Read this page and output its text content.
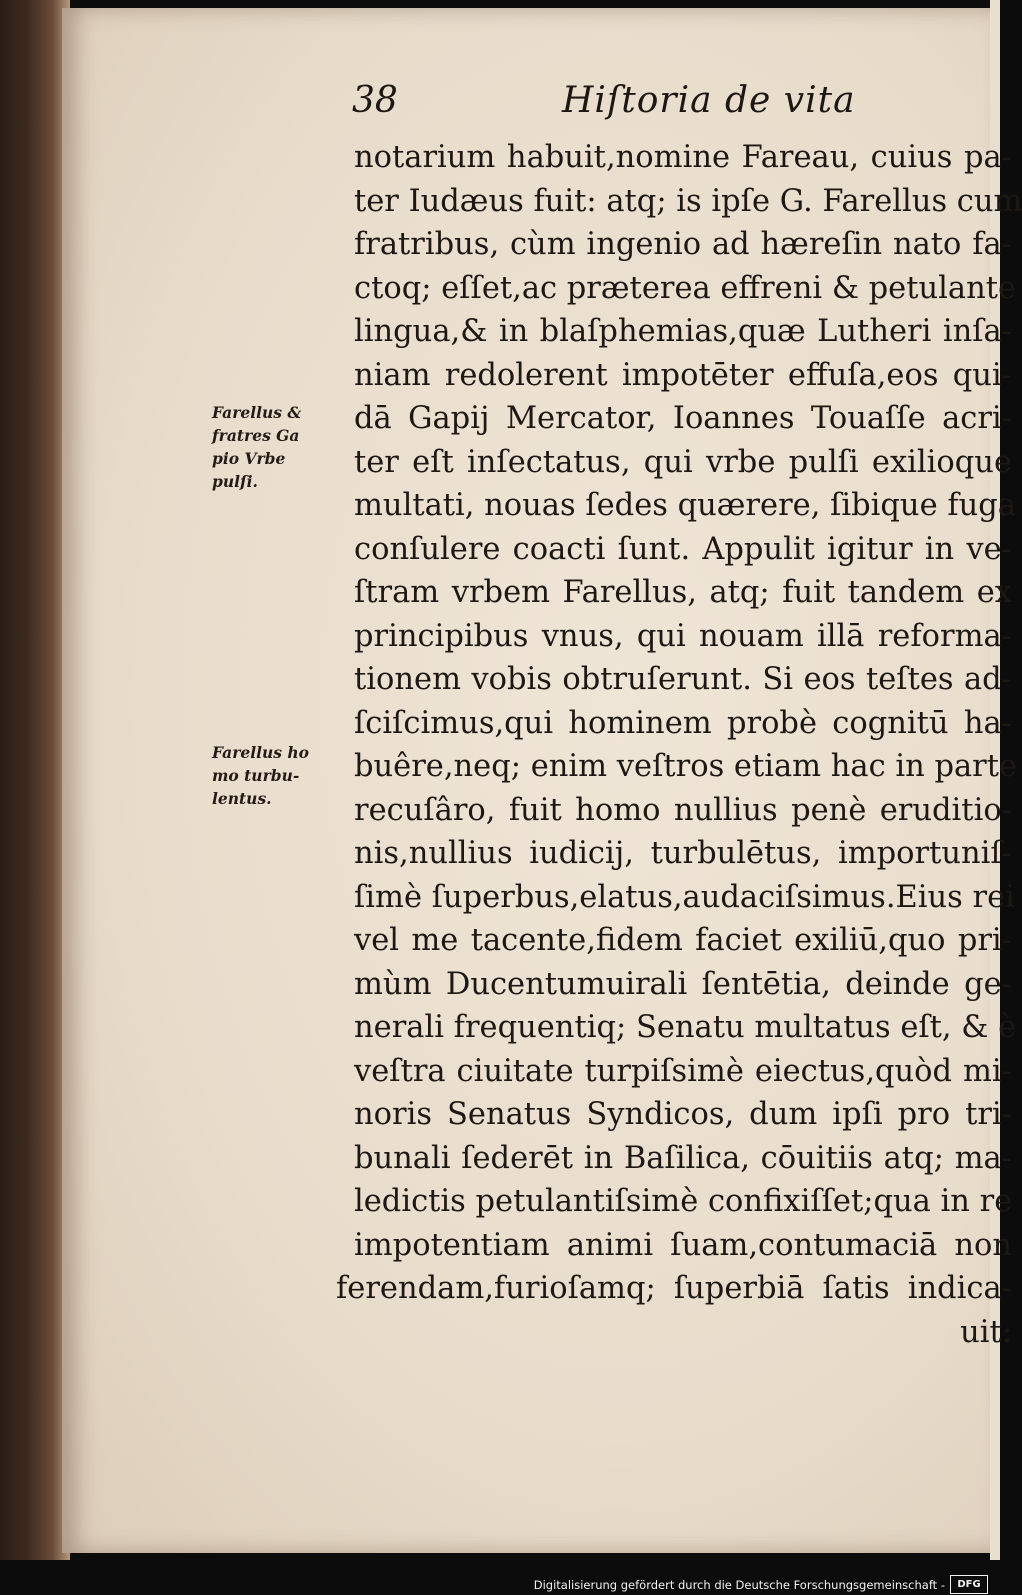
38	Hiſtoria de vita
Farellus &
fratres Ga
pio Vrbe
pulſi.
Farellus ho
mo turbu-
lentus.
notarium habuit,nomine Fareau, cuius pa-
ter Iudæus fuit: atq; is ipſe G. Farellus cum
fratribus, cùm ingenio ad hæreſin nato fa-
ctoq; eſſet,ac præterea effreni & petulante
lingua,& in blaſphemias,quæ Lutheri inſa-
niam redolerent impotēter effuſa,eos qui-
dā Gapij Mercator, Ioannes Touaſſe acri-
ter eſt inſectatus, qui vrbe pulſi exilioque
multati, nouas ſedes quærere, ſibique fuga
conſulere coacti ſunt. Appulit igitur in ve-
ſtram vrbem Farellus, atq; fuit tandem ex
principibus vnus, qui nouam illā reforma-
tionem vobis obtruſerunt. Si eos teſtes ad-
ſciſcimus,qui hominem probè cognitū ha-
buêre,neq; enim veſtros etiam hac in parte
recuſâro, fuit homo nullius penè eruditio-
nis,nullius iudicij, turbulētus, importuniſ-
ſimè ſuperbus,elatus,audaciſsimus.Eius rei
vel me tacente,fidem faciet exiliū,quo pri-
mùm Ducentumuirali ſentētia, deinde ge-
nerali frequentiq; Senatu multatus eſt, & è
veſtra ciuitate turpiſsimè eiectus,quòd mi-
noris Senatus Syndicos, dum ipſi pro tri-
bunali ſederēt in Baſilica, cōuitiis atq; ma-
ledictis petulantiſsimè confixiſſet;qua in re
impotentiam animi ſuam,contumaciā non
ferendam,furioſamq; ſuperbiā ſatis indica-
uit:
Digitalisierung gefördert durch die Deutsche Forschungsgemeinschaft -	DFG
